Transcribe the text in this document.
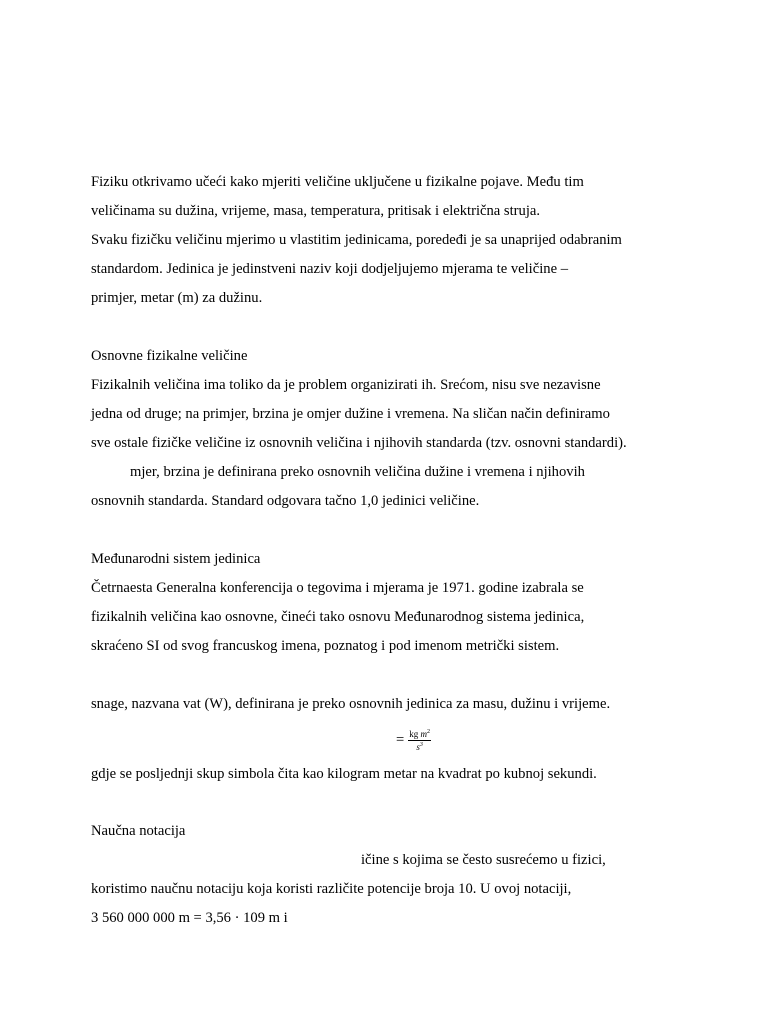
Fiziku otkrivamo učeći kako mjeriti veličine uključene u fizikalne pojave. Među tim
veličinama su dužina, vrijeme, masa, temperatura, pritisak i električna struja.
Svaku fizičku veličinu mjerimo u vlastitim jedinicama, poredeđi je sa unaprijed odabranim
standardom. Jedinica je jedinstveni naziv koji dodjeljujemo mjerama te veličine –
primjer, metar (m) za dužinu.
Osnovne fizikalne veličine
Fizikalnih veličina ima toliko da je problem organizirati ih. Srećom, nisu sve nezavisne
jedna od druge; na primjer, brzina je omjer dužine i vremena. Na sličan način definiramo
sve ostale fizičke veličine iz osnovnih veličina i njihovih standarda (tzv. osnovni standardi).
mjer, brzina je definirana preko osnovnih veličina dužine i vremena i njihovih
osnovnih standarda. Standard odgovara tačno 1,0 jedinici veličine.
Međunarodni sistem jedinica
Četrnaesta Generalna konferencija o tegovima i mjerama je 1971. godine izabrala se
fizikalnih veličina kao osnovne, čineći tako osnovu Međunarodnog sistema jedinica,
skraćeno SI od svog francuskog imena, poznatog i pod imenom metrički sistem.
snage, nazvana vat (W), definirana je preko osnovnih jedinica za masu, dužinu i vrijeme.
= $\frac{kg m^2}{s^3}$
gdje se posljednji skup simbola čita kao kilogram metar na kvadrat po kubnoj sekundi.
Naučna notacija
ičine s kojima se često susrećemo u fizici,
koristimo naučnu notaciju koja koristi različite potencije broja 10. U ovoj notaciji,
3 560 000 000 m = 3,56 · 109 m i
